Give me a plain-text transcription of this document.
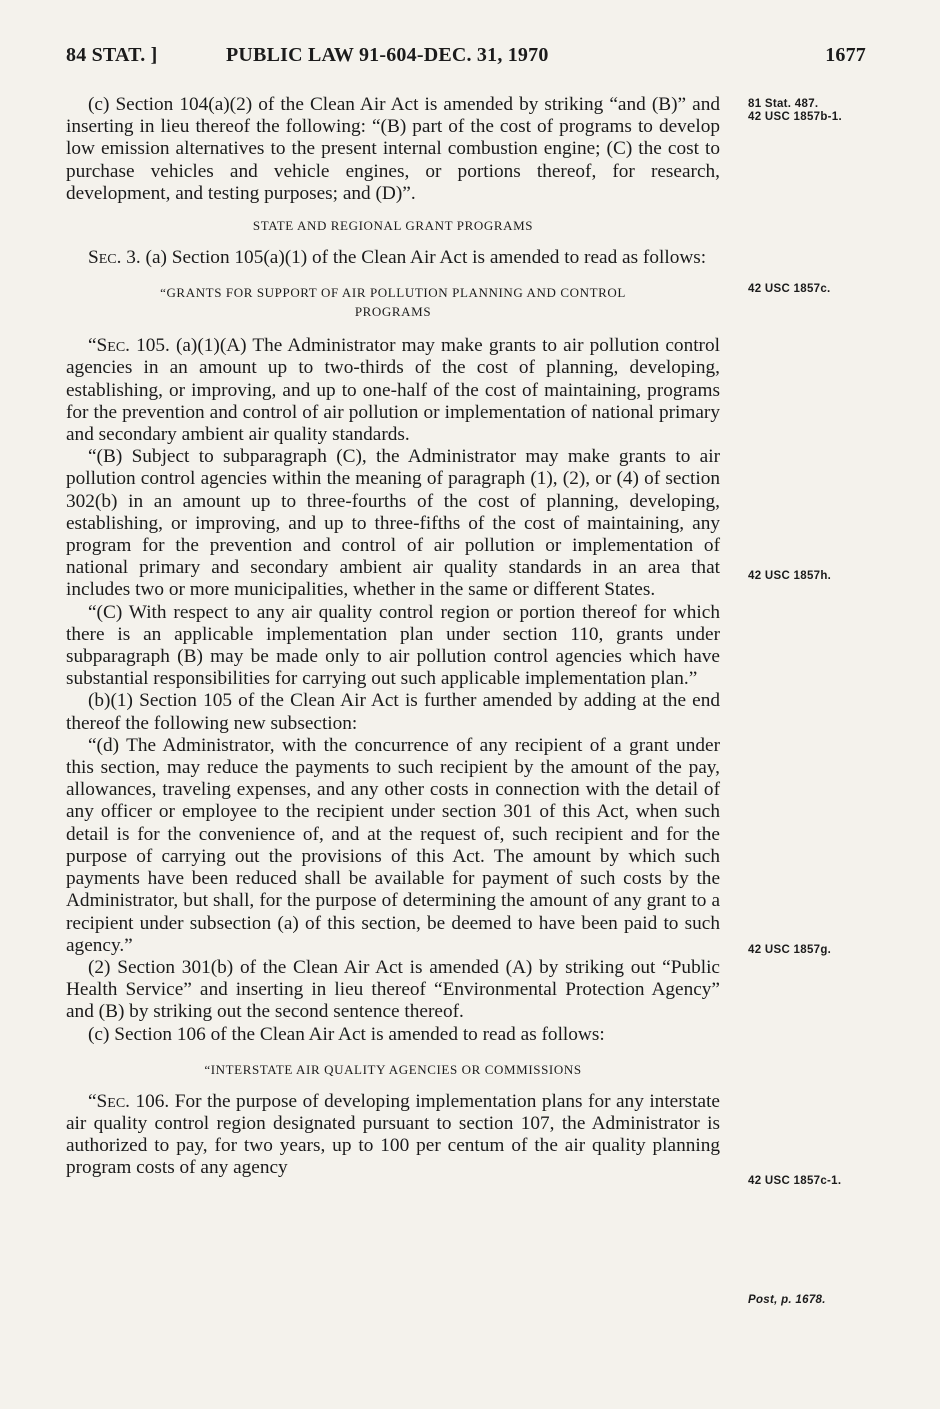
84 STAT. ]	PUBLIC LAW 91-604-DEC. 31, 1970	1677

(c) Section 104(a)(2) of the Clean Air Act is amended by striking “and (B)” and inserting in lieu thereof the following: “(B) part of the cost of programs to develop low emission alternatives to the present internal combustion engine; (C) the cost to purchase vehicles and vehicle engines, or portions thereof, for research, development, and testing purposes; and (D)”.

STATE AND REGIONAL GRANT PROGRAMS

Sec. 3. (a) Section 105(a)(1) of the Clean Air Act is amended to read as follows:

“GRANTS FOR SUPPORT OF AIR POLLUTION PLANNING AND CONTROL
PROGRAMS

“Sec. 105. (a)(1)(A) The Administrator may make grants to air pollution control agencies in an amount up to two-thirds of the cost of planning, developing, establishing, or improving, and up to one-half of the cost of maintaining, programs for the prevention and control of air pollution or implementation of national primary and secondary ambient air quality standards.

“(B) Subject to subparagraph (C), the Administrator may make grants to air pollution control agencies within the meaning of paragraph (1), (2), or (4) of section 302(b) in an amount up to three-fourths of the cost of planning, developing, establishing, or improving, and up to three-fifths of the cost of maintaining, any program for the prevention and control of air pollution or implementation of national primary and secondary ambient air quality standards in an area that includes two or more municipalities, whether in the same or different States.

“(C) With respect to any air quality control region or portion thereof for which there is an applicable implementation plan under section 110, grants under subparagraph (B) may be made only to air pollution control agencies which have substantial responsibilities for carrying out such applicable implementation plan.”

(b)(1) Section 105 of the Clean Air Act is further amended by adding at the end thereof the following new subsection:

“(d) The Administrator, with the concurrence of any recipient of a grant under this section, may reduce the payments to such recipient by the amount of the pay, allowances, traveling expenses, and any other costs in connection with the detail of any officer or employee to the recipient under section 301 of this Act, when such detail is for the convenience of, and at the request of, such recipient and for the purpose of carrying out the provisions of this Act. The amount by which such payments have been reduced shall be available for payment of such costs by the Administrator, but shall, for the purpose of determining the amount of any grant to a recipient under subsection (a) of this section, be deemed to have been paid to such agency.”

(2) Section 301(b) of the Clean Air Act is amended (A) by striking out “Public Health Service” and inserting in lieu thereof “Environmental Protection Agency” and (B) by striking out the second sentence thereof.

(c) Section 106 of the Clean Air Act is amended to read as follows:

“INTERSTATE AIR QUALITY AGENCIES OR COMMISSIONS

“Sec. 106. For the purpose of developing implementation plans for any interstate air quality control region designated pursuant to section 107, the Administrator is authorized to pay, for two years, up to 100 per centum of the air quality planning program costs of any agency

81 Stat. 487.
42 USC 1857b-1.
42 USC 1857c.
42 USC 1857h.
42 USC 1857g.
42 USC 1857c-1.
Post, p. 1678.
